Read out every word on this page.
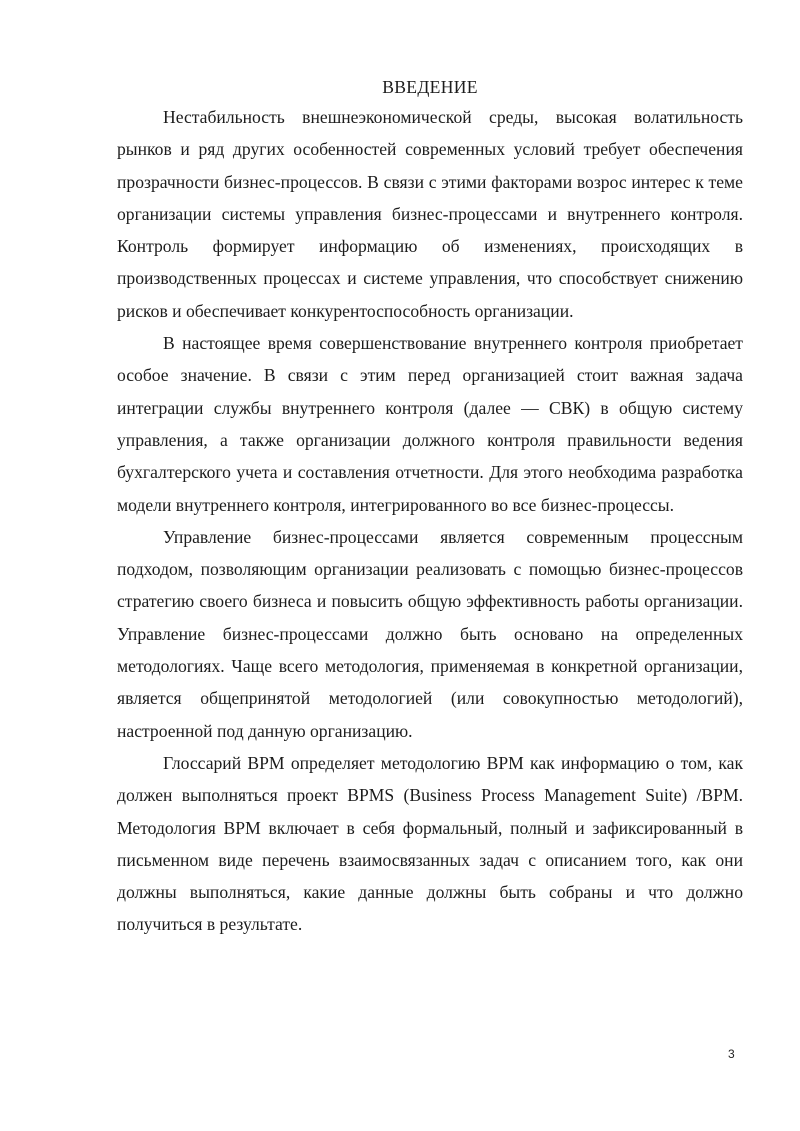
ВВЕДЕНИЕ

Нестабильность внешнеэкономической среды, высокая волатильность рынков и ряд других особенностей современных условий требует обеспечения прозрачности бизнес-процессов. В связи с этими факторами возрос интерес к теме организации системы управления бизнес-процессами и внутреннего контроля. Контроль формирует информацию об изменениях, происходящих в производственных процессах и системе управления, что способствует снижению рисков и обеспечивает конкурентоспособность организации.

В настоящее время совершенствование внутреннего контроля приобретает особое значение. В связи с этим перед организацией стоит важная задача интеграции службы внутреннего контроля (далее — СВК) в общую систему управления, а также организации должного контроля правильности ведения бухгалтерского учета и составления отчетности. Для этого необходима разработка модели внутреннего контроля, интегрированного во все бизнес-процессы.

Управление бизнес-процессами является современным процессным подходом, позволяющим организации реализовать с помощью бизнес-процессов стратегию своего бизнеса и повысить общую эффективность работы организации. Управление бизнес-процессами должно быть основано на определенных методологиях. Чаще всего методология, применяемая в конкретной организации, является общепринятой методологией (или совокупностью методологий), настроенной под данную организацию.

Глоссарий BPM определяет методологию BPM как информацию о том, как должен выполняться проект BPMS (Business Process Management Suite) /BPM. Методология BPM включает в себя формальный, полный и зафиксированный в письменном виде перечень взаимосвязанных задач с описанием того, как они должны выполняться, какие данные должны быть собраны и что должно получиться в результате.

3
